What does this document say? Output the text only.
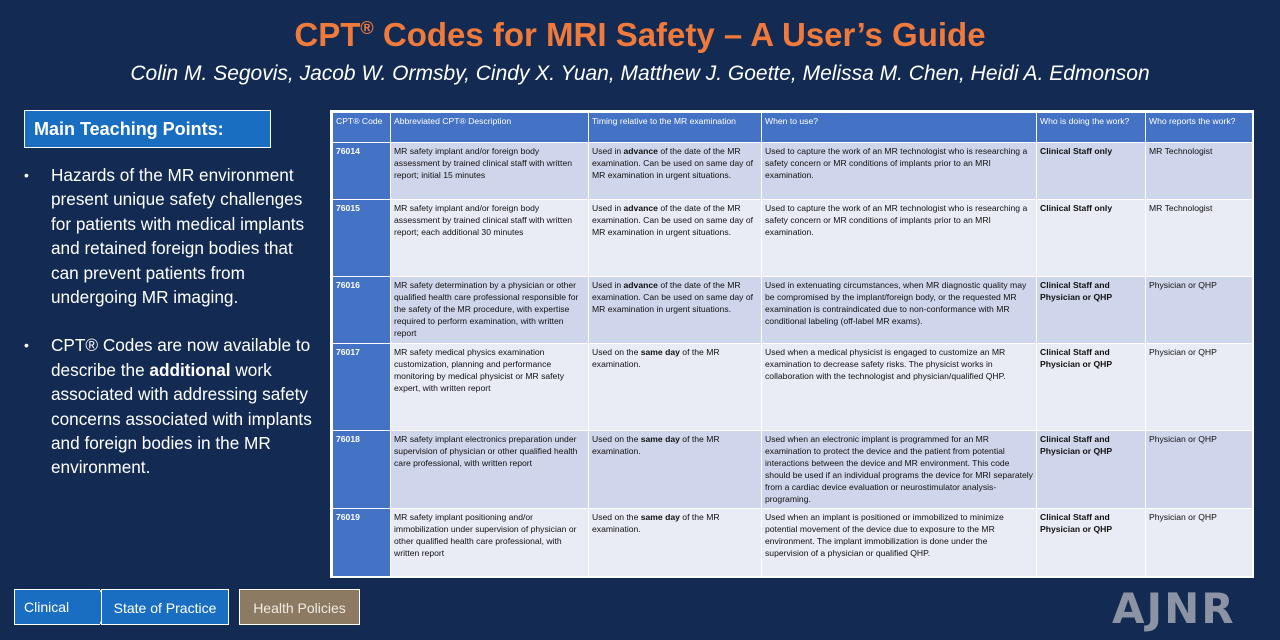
CPT® Codes for MRI Safety – A User’s Guide
Colin M. Segovis, Jacob W. Ormsby, Cindy X. Yuan, Matthew J. Goette, Melissa M. Chen, Heidi A. Edmonson
Main Teaching Points:
•	Hazards of the MR environment present unique safety challenges for patients with medical implants and retained foreign bodies that can prevent patients from undergoing MR imaging.
•	CPT® Codes are now available to describe the additional work associated with addressing safety concerns associated with implants and foreign bodies in the MR environment.
CPT® Code	Abbreviated CPT® Description	Timing relative to the MR examination	When to use?	Who is doing the work?	Who reports the work?
76014	MR safety implant and/or foreign body assessment by trained clinical staff with written report; initial 15 minutes	Used in advance of the date of the MR examination. Can be used on same day of MR examination in urgent situations.	Used to capture the work of an MR technologist who is researching a safety concern or MR conditions of implants prior to an MRI examination.	Clinical Staff only	MR Technologist
76015	MR safety implant and/or foreign body assessment by trained clinical staff with written report; each additional 30 minutes	Used in advance of the date of the MR examination. Can be used on same day of MR examination in urgent situations.	Used to capture the work of an MR technologist who is researching a safety concern or MR conditions of implants prior to an MRI examination.	Clinical Staff only	MR Technologist
76016	MR safety determination by a physician or other qualified health care professional responsible for the safety of the MR procedure, with expertise required to perform examination, with written report	Used in advance of the date of the MR examination. Can be used on same day of MR examination in urgent situations.	Used in extenuating circumstances, when MR diagnostic quality may be compromised by the implant/foreign body, or the requested MR examination is contraindicated due to non-conformance with MR conditional labeling (off-label MR exams).	Clinical Staff and Physician or QHP	Physician or QHP
76017	MR safety medical physics examination customization, planning and performance monitoring by medical physicist or MR safety expert, with written report	Used on the same day of the MR examination.	Used when a medical physicist is engaged to customize an MR examination to decrease safety risks. The physicist works in collaboration with the technologist and physician/qualified QHP.	Clinical Staff and Physician or QHP	Physician or QHP
76018	MR safety implant electronics preparation under supervision of physician or other qualified health care professional, with written report	Used on the same day of the MR examination.	Used when an electronic implant is programmed for an MR examination to protect the device and the patient from potential interactions between the device and MR environment. This code should be used if an individual programs the device for MRI separately from a cardiac device evaluation or neurostimulator analysis-programing.	Clinical Staff and Physician or QHP	Physician or QHP
76019	MR safety implant positioning and/or immobilization under supervision of physician or other qualified health care professional, with written report	Used on the same day of the MR examination.	Used when an implant is positioned or immobilized to minimize potential movement of the device due to exposure to the MR environment. The implant immobilization is done under the supervision of a physician or qualified QHP.	Clinical Staff and Physician or QHP	Physician or QHP
Clinical	State of Practice	Health Policies	AJNR
